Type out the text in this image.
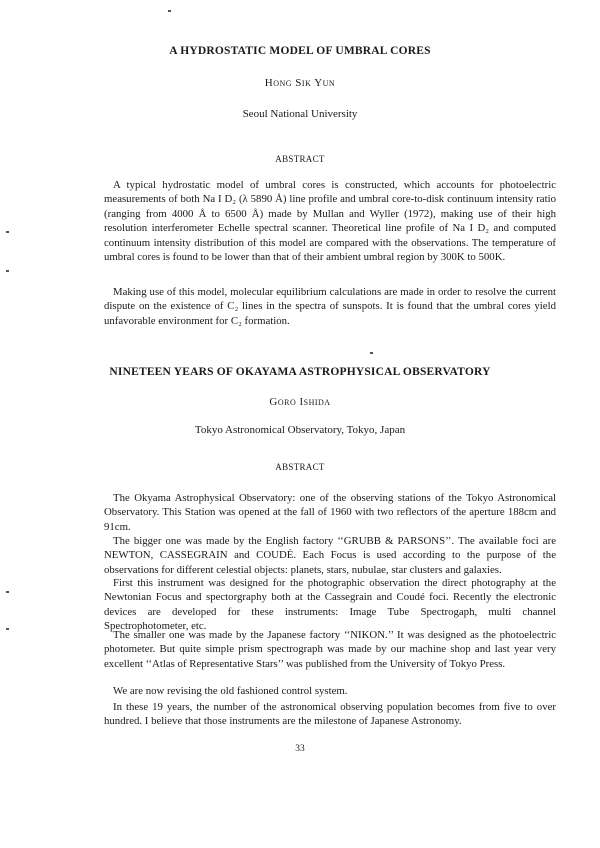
A HYDROSTATIC MODEL OF UMBRAL CORES
Hong Sik Yun
Seoul National University
ABSTRACT

A typical hydrostatic model of umbral cores is constructed, which accounts for photoelectric measurements of both Na I D₂ (λ 5890 Å) line profile and umbral core-to-disk continuum intensity ratio (ranging from 4000 Å to 6500 Å) made by Mullan and Wyller (1972), making use of their high resolution interferometer Echelle spectral scanner. Theoretical line profile of Na I D₂ and computed continuum intensity distribution of this model are compared with the observations. The temperature of umbral cores is found to be lower than that of their ambient umbral region by 300K to 500K.

Making use of this model, molecular equilibrium calculations are made in order to resolve the current dispute on the existence of C₂ lines in the spectra of sunspots. It is found that the umbral cores yield unfavorable environment for C₂ formation.

NINETEEN YEARS OF OKAYAMA ASTROPHYSICAL OBSERVATORY
Goro Ishida
Tokyo Astronomical Observatory, Tokyo, Japan
ABSTRACT

The Okyama Astrophysical Observatory: one of the observing stations of the Tokyo Astronomical Observatory. This Station was opened at the fall of 1960 with two reflectors of the aperture 188cm and 91cm.

The bigger one was made by the English factory ‘‘GRUBB & PARSONS’’. The available foci are NEWTON, CASSEGRAIN and COUDÉ. Each Focus is used according to the purpose of the observations for different celestial objects: planets, stars, nubulae, star clusters and galaxies.

First this instrument was designed for the photographic observation the direct photography at the Newtonian Focus and spectorgraphy both at the Cassegrain and Coudé foci. Recently the electronic devices are developed for these instruments: Image Tube Spectrogaph, multi channel Spectrophotometer, etc.

The smaller one was made by the Japanese factory ‘‘NIKON.’’ It was designed as the photoelectric photometer. But quite simple prism spectrograph was made by our machine shop and last year very excellent ‘‘Atlas of Representative Stars’’ was published from the University of Tokyo Press.

We are now revising the old fashioned control system.

In these 19 years, the number of the astronomical observing population becomes from five to over hundred. I believe that those instruments are the milestone of Japanese Astronomy.

33
